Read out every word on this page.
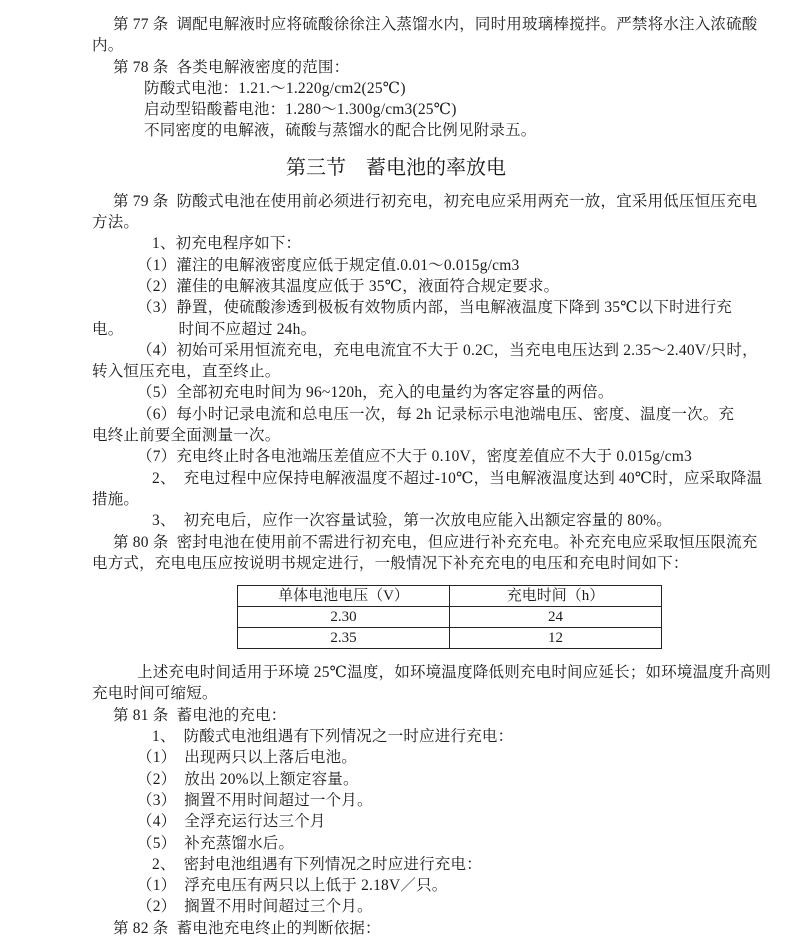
第 77 条  调配电解液时应将硫酸徐徐注入蒸馏水内，同时用玻璃棒搅拌。严禁将水注入浓硫酸
内。
第 78 条  各类电解液密度的范围：
防酸式电池：1.21.～1.220g/cm2(25℃)
启动型铅酸蓄电池：1.280～1.300g/cm3(25℃)
不同密度的电解液，硫酸与蒸馏水的配合比例见附录五。
第三节　蓄电池的率放电
第 79 条  防酸式电池在使用前必须进行初充电，初充电应采用两充一放，宜采用低压恒压充电
方法。
1、初充电程序如下：
（1）灌注的电解液密度应低于规定值.0.01～0.015g/cm3
（2）灌佳的电解液其温度应低于 35℃，液面符合规定要求。
（3）静置，使硫酸渗透到极板有效物质内部，当电解液温度下降到 35℃以下时进行充
电。　　　　时间不应超过 24h。
（4）初始可采用恒流充电，充电电流宜不大于 0.2C，当充电电压达到 2.35～2.40V/只时，
转入恒压充电，直至终止。
（5）全部初充电时间为 96~120h，充入的电量约为客定容量的两倍。
（6）每小时记录电流和总电压一次，每 2h 记录标示电池端电压、密度、温度一次。充
电终止前要全面测量一次。
（7）充电终止时各电池端压差值应不大于 0.10V，密度差值应不大于 0.015g/cm3
2、　充电过程中应保持电解液温度不超过-10℃，当电解液温度达到 40℃时，应采取降温
措施。
3、　初充电后，应作一次容量试验，第一次放电应能入出额定容量的 80%。
第 80 条  密封电池在使用前不需进行初充电，但应进行补充充电。补充充电应采取恒压限流充
电方式，充电电压应按说明书规定进行，一般情况下补充充电的电压和充电时间如下：
单体电池电压（V）	充电时间（h）
2.30	24
2.35	12
上述充电时间适用于环境 25℃温度，如环境温度降低则充电时间应延长；如环境温度升高则
充电时间可缩短。
第 81 条  蓄电池的充电：
1、　防酸式电池组遇有下列情况之一时应进行充电：
（1）　出现两只以上落后电池。
（2）　放出 20%以上额定容量。
（3）　搁置不用时间超过一个月。
（4）　全浮充运行达三个月
（5）　补充蒸馏水后。
2、　密封电池组遇有下列情况之时应进行充电：
（1）　浮充电压有两只以上低于 2.18V／只。
（2）　搁置不用时间超过三个月。
第 82 条  蓄电池充电终止的判断依据：
